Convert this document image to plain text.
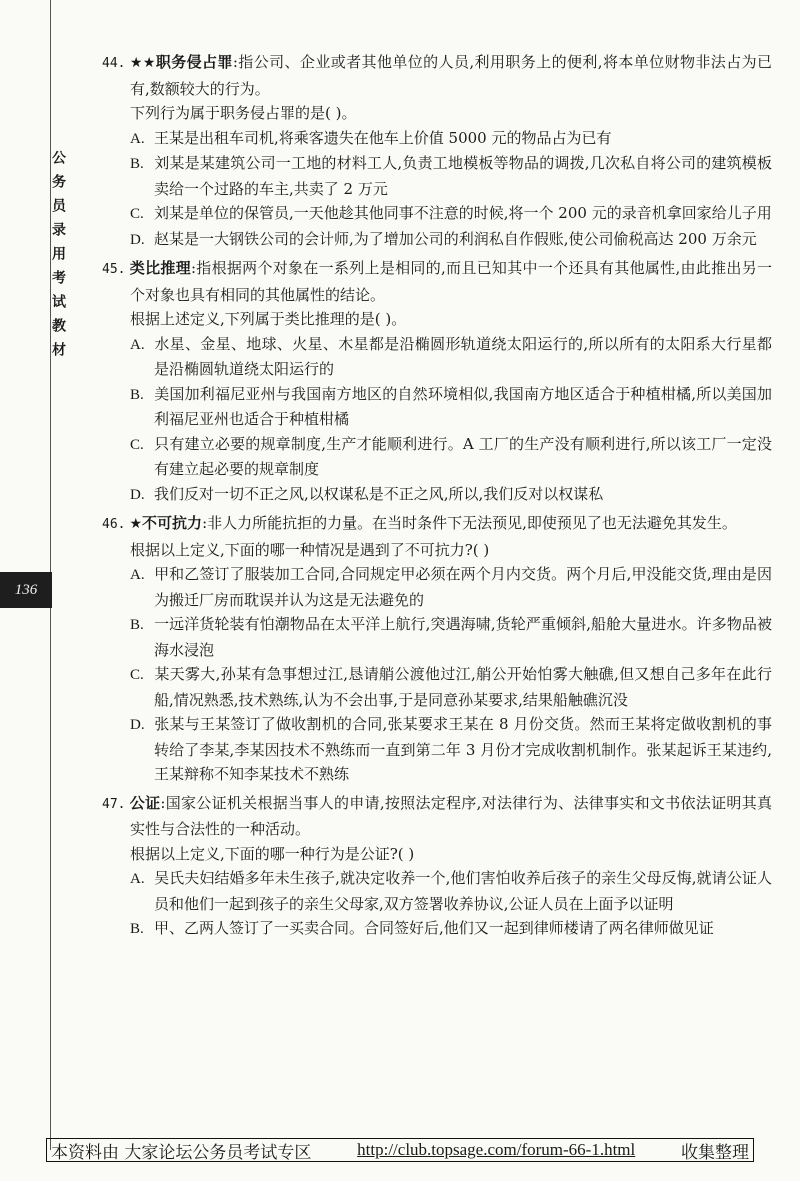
公务员录用考试教材
136
44. ★★职务侵占罪:指公司、企业或者其他单位的人员,利用职务上的便利,将本单位财物非法占为已有,数额较大的行为。
下列行为属于职务侵占罪的是( )。
A. 王某是出租车司机,将乘客遗失在他车上价值 5000 元的物品占为已有
B. 刘某是某建筑公司一工地的材料工人,负责工地模板等物品的调拨,几次私自将公司的建筑模板卖给一个过路的车主,共卖了 2 万元
C. 刘某是单位的保管员,一天他趁其他同事不注意的时候,将一个 200 元的录音机拿回家给儿子用
D. 赵某是一大钢铁公司的会计师,为了增加公司的利润私自作假账,使公司偷税高达 200 万余元
45. 类比推理:指根据两个对象在一系列上是相同的,而且已知其中一个还具有其他属性,由此推出另一个对象也具有相同的其他属性的结论。
根据上述定义,下列属于类比推理的是( )。
A. 水星、金星、地球、火星、木星都是沿椭圆形轨道绕太阳运行的,所以所有的太阳系大行星都是沿椭圆轨道绕太阳运行的
B. 美国加利福尼亚州与我国南方地区的自然环境相似,我国南方地区适合于种植柑橘,所以美国加利福尼亚州也适合于种植柑橘
C. 只有建立必要的规章制度,生产才能顺利进行。A 工厂的生产没有顺利进行,所以该工厂一定没有建立起必要的规章制度
D. 我们反对一切不正之风,以权谋私是不正之风,所以,我们反对以权谋私
46. ★不可抗力:非人力所能抗拒的力量。在当时条件下无法预见,即使预见了也无法避免其发生。
根据以上定义,下面的哪一种情况是遇到了不可抗力?( )
A. 甲和乙签订了服装加工合同,合同规定甲必须在两个月内交货。两个月后,甲没能交货,理由是因为搬迁厂房而耽误并认为这是无法避免的
B. 一远洋货轮装有怕潮物品在太平洋上航行,突遇海啸,货轮严重倾斜,船舱大量进水。许多物品被海水浸泡
C. 某天雾大,孙某有急事想过江,恳请艄公渡他过江,艄公开始怕雾大触礁,但又想自己多年在此行船,情况熟悉,技术熟练,认为不会出事,于是同意孙某要求,结果船触礁沉没
D. 张某与王某签订了做收割机的合同,张某要求王某在 8 月份交货。然而王某将定做收割机的事转给了李某,李某因技术不熟练而一直到第二年 3 月份才完成收割机制作。张某起诉王某违约,王某辩称不知李某技术不熟练
47. 公证:国家公证机关根据当事人的申请,按照法定程序,对法律行为、法律事实和文书依法证明其真实性与合法性的一种活动。
根据以上定义,下面的哪一种行为是公证?( )
A. 吴氏夫妇结婚多年未生孩子,就决定收养一个,他们害怕收养后孩子的亲生父母反悔,就请公证人员和他们一起到孩子的亲生父母家,双方签署收养协议,公证人员在上面予以证明
B. 甲、乙两人签订了一买卖合同。合同签好后,他们又一起到律师楼请了两名律师做见证
本资料由 大家论坛公务员考试专区	http://club.topsage.com/forum-66-1.html	收集整理
